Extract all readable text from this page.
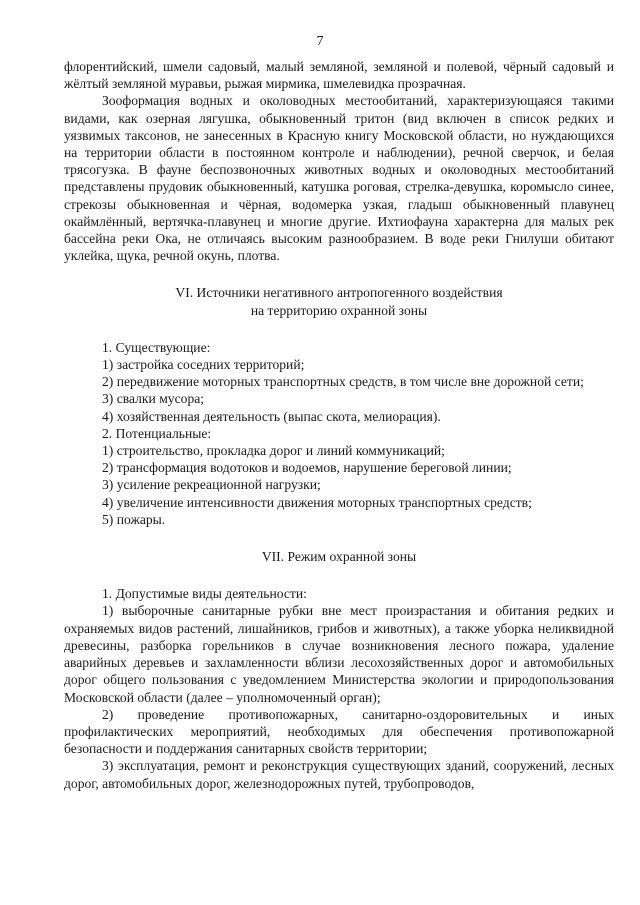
7

флорентийский, шмели садовый, малый земляной, земляной и полевой, чёрный садовый и жёлтый земляной муравьи, рыжая мирмика, шмелевидка прозрачная.

Зооформация водных и околоводных местообитаний, характеризующаяся такими видами, как озерная лягушка, обыкновенный тритон (вид включен в список редких и уязвимых таксонов, не занесенных в Красную книгу Московской области, но нуждающихся на территории области в постоянном контроле и наблюдении), речной сверчок, и белая трясогузка. В фауне беспозвоночных животных водных и околоводных местообитаний представлены прудовик обыкновенный, катушка роговая, стрелка-девушка, коромысло синее, стрекозы обыкновенная и чёрная, водомерка узкая, гладыш обыкновенный плавунец окаймлённый, вертячка-плавунец и многие другие. Ихтиофауна характерна для малых рек бассейна реки Ока, не отличаясь высоким разнообразием. В воде реки Гнилуши обитают уклейка, щука, речной окунь, плотва.

VI. Источники негативного антропогенного воздействия

на территорию охранной зоны

1. Существующие:

1) застройка соседних территорий;

2) передвижение моторных транспортных средств, в том числе вне дорожной сети;

3) свалки мусора;

4) хозяйственная деятельность (выпас скота, мелиорация).

2. Потенциальные:

1) строительство, прокладка дорог и линий коммуникаций;

2) трансформация водотоков и водоемов, нарушение береговой линии;

3) усиление рекреационной нагрузки;

4) увеличение интенсивности движения моторных транспортных средств;

5) пожары.

VII. Режим охранной зоны

1. Допустимые виды деятельности:

1) выборочные санитарные рубки вне мест произрастания и обитания редких и охраняемых видов растений, лишайников, грибов и животных), а также уборка неликвидной древесины, разборка горельников в случае возникновения лесного пожара, удаление аварийных деревьев и захламленности вблизи лесохозяйственных дорог и автомобильных дорог общего пользования с уведомлением Министерства экологии и природопользования Московской области (далее – уполномоченный орган);

2) проведение противопожарных, санитарно-оздоровительных и иных профилактических мероприятий, необходимых для обеспечения противопожарной безопасности и поддержания санитарных свойств территории;

3) эксплуатация, ремонт и реконструкция существующих зданий, сооружений, лесных дорог, автомобильных дорог, железнодорожных путей, трубопроводов,
